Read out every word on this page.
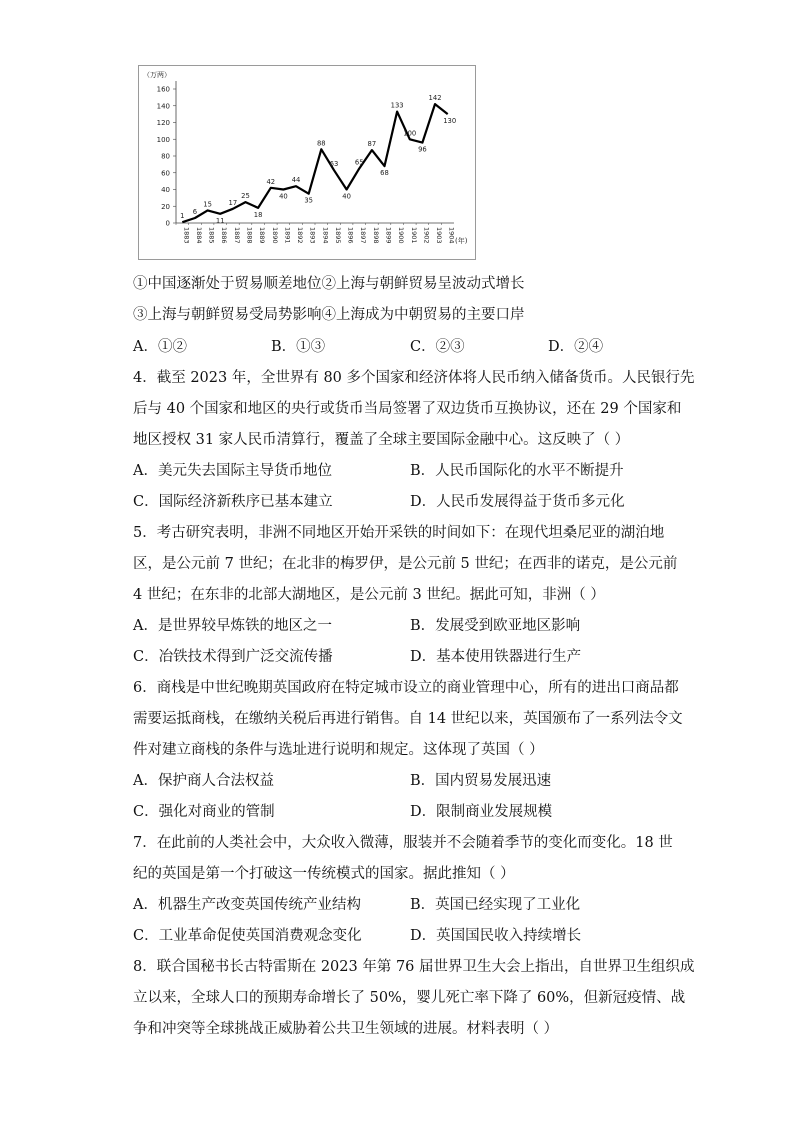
（万两）
0
20
40
60
80
100
120
140
160
1883 1884 1885 1886 1887 1888 1889 1890 1891 1892 1893 1894 1895 1896 1897 1898 1899 1900 1901 1902 1903 1904 (年)
1
6
15
11
17
25
18
42
40
44
35
88
63
40
65
87
68
133
100
96
142
130
①中国逐渐处于贸易顺差地位②上海与朝鲜贸易呈波动式增长
③上海与朝鲜贸易受局势影响④上海成为中朝贸易的主要口岸
A．①②	B．①③	C．②③	D．②④
4．截至 2023 年，全世界有 80 多个国家和经济体将人民币纳入储备货币。人民银行先
后与 40 个国家和地区的央行或货币当局签署了双边货币互换协议，还在 29 个国家和
地区授权 31 家人民币清算行，覆盖了全球主要国际金融中心。这反映了（ ）
A．美元失去国际主导货币地位	B．人民币国际化的水平不断提升
C．国际经济新秩序已基本建立	D．人民币发展得益于货币多元化
5．考古研究表明，非洲不同地区开始开采铁的时间如下：在现代坦桑尼亚的湖泊地
区，是公元前 7 世纪；在北非的梅罗伊，是公元前 5 世纪；在西非的诺克，是公元前
4 世纪；在东非的北部大湖地区，是公元前 3 世纪。据此可知，非洲（ ）
A．是世界较早炼铁的地区之一	B．发展受到欧亚地区影响
C．冶铁技术得到广泛交流传播	D．基本使用铁器进行生产
6．商栈是中世纪晚期英国政府在特定城市设立的商业管理中心，所有的进出口商品都
需要运抵商栈，在缴纳关税后再进行销售。自 14 世纪以来，英国颁布了一系列法令文
件对建立商栈的条件与选址进行说明和规定。这体现了英国（ ）
A．保护商人合法权益	B．国内贸易发展迅速
C．强化对商业的管制	D．限制商业发展规模
7．在此前的人类社会中，大众收入微薄，服装并不会随着季节的变化而变化。18 世
纪的英国是第一个打破这一传统模式的国家。据此推知（ ）
A．机器生产改变英国传统产业结构	B．英国已经实现了工业化
C．工业革命促使英国消费观念变化	D．英国国民收入持续增长
8．联合国秘书长古特雷斯在 2023 年第 76 届世界卫生大会上指出，自世界卫生组织成
立以来，全球人口的预期寿命增长了 50%，婴儿死亡率下降了 60%，但新冠疫情、战
争和冲突等全球挑战正威胁着公共卫生领域的进展。材料表明（ ）
